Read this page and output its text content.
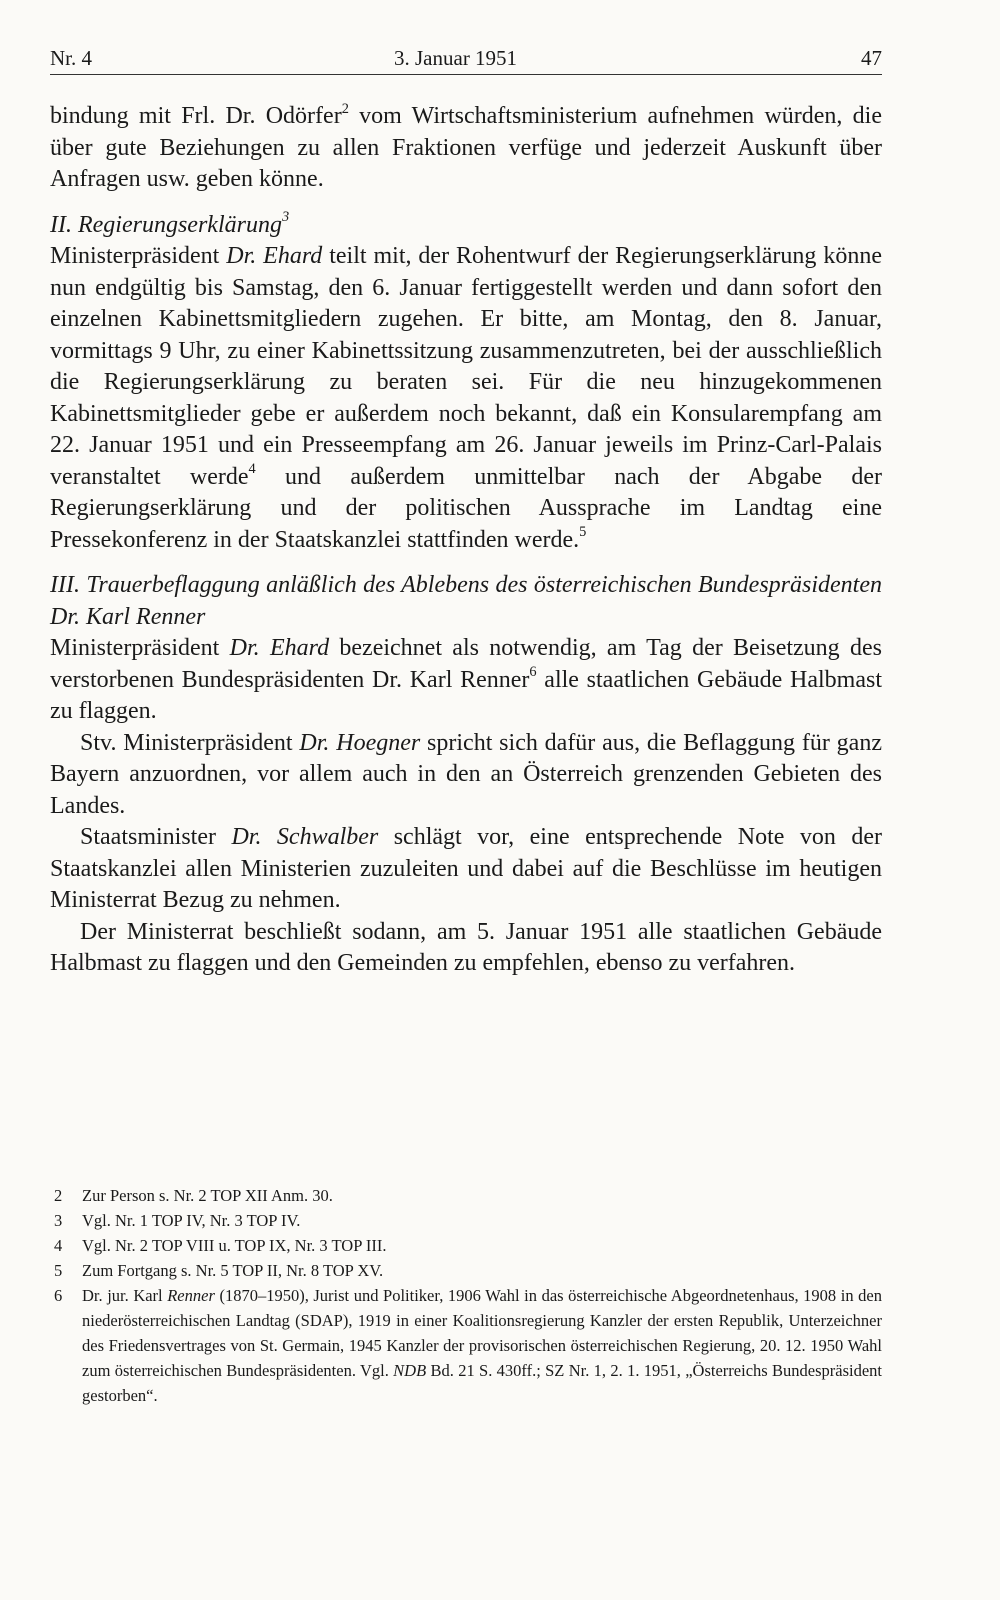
Nr. 4	3. Januar 1951	47

bindung mit Frl. Dr. Odörfer$^2$ vom Wirtschaftsministerium aufnehmen würden, die über gute Beziehungen zu allen Fraktionen verfüge und jederzeit Auskunft über Anfragen usw. geben könne.

II. Regierungserklärung$^3$

Ministerpräsident Dr. Ehard teilt mit, der Rohentwurf der Regierungserklärung könne nun endgültig bis Samstag, den 6. Januar fertiggestellt werden und dann sofort den einzelnen Kabinettsmitgliedern zugehen. Er bitte, am Montag, den 8. Januar, vormittags 9 Uhr, zu einer Kabinettssitzung zusammenzutreten, bei der ausschließlich die Regierungserklärung zu beraten sei. Für die neu hinzugekommenen Kabinettsmitglieder gebe er außerdem noch bekannt, daß ein Konsularempfang am 22. Januar 1951 und ein Presseempfang am 26. Januar jeweils im Prinz-Carl-Palais veranstaltet werde$^4$ und außerdem unmittelbar nach der Abgabe der Regierungserklärung und der politischen Aussprache im Landtag eine Pressekonferenz in der Staatskanzlei stattfinden werde.$^5$

III. Trauerbeflaggung anläßlich des Ablebens des österreichischen Bundespräsidenten Dr. Karl Renner

Ministerpräsident Dr. Ehard bezeichnet als notwendig, am Tag der Beisetzung des verstorbenen Bundespräsidenten Dr. Karl Renner$^6$ alle staatlichen Gebäude Halbmast zu flaggen.

Stv. Ministerpräsident Dr. Hoegner spricht sich dafür aus, die Beflaggung für ganz Bayern anzuordnen, vor allem auch in den an Österreich grenzenden Gebieten des Landes.

Staatsminister Dr. Schwalber schlägt vor, eine entsprechende Note von der Staatskanzlei allen Ministerien zuzuleiten und dabei auf die Beschlüsse im heutigen Ministerrat Bezug zu nehmen.

Der Ministerrat beschließt sodann, am 5. Januar 1951 alle staatlichen Gebäude Halbmast zu flaggen und den Gemeinden zu empfehlen, ebenso zu verfahren.

2	Zur Person s. Nr. 2 TOP XII Anm. 30.
3	Vgl. Nr. 1 TOP IV, Nr. 3 TOP IV.
4	Vgl. Nr. 2 TOP VIII u. TOP IX, Nr. 3 TOP III.
5	Zum Fortgang s. Nr. 5 TOP II, Nr. 8 TOP XV.
6	Dr. jur. Karl Renner (1870–1950), Jurist und Politiker, 1906 Wahl in das österreichische Abgeordnetenhaus, 1908 in den niederösterreichischen Landtag (SDAP), 1919 in einer Koalitionsregierung Kanzler der ersten Republik, Unterzeichner des Friedensvertrages von St. Germain, 1945 Kanzler der provisorischen österreichischen Regierung, 20. 12. 1950 Wahl zum österreichischen Bundespräsidenten. Vgl. NDB Bd. 21 S. 430ff.; SZ Nr. 1, 2. 1. 1951, „Österreichs Bundespräsident gestorben“.
